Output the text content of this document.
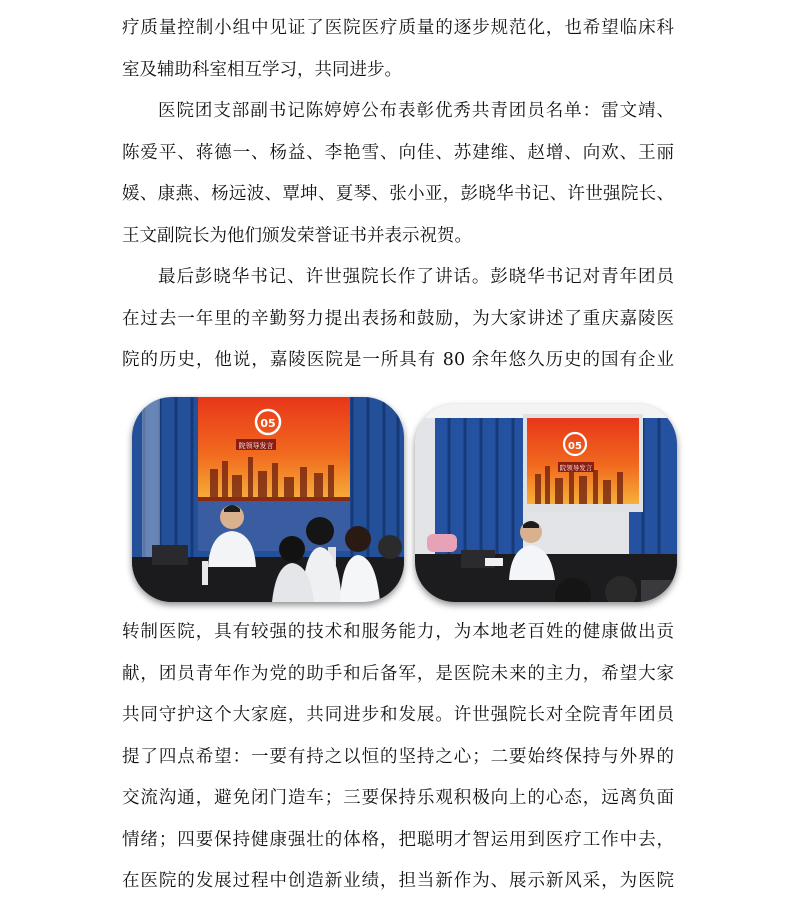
疗质量控制小组中见证了医院医疗质量的逐步规范化，也希望临床科
室及辅助科室相互学习，共同进步。
医院团支部副书记陈婷婷公布表彰优秀共青团员名单：雷文靖、
陈爱平、蒋德一、杨益、李艳雪、向佳、苏建维、赵增、向欢、王丽
媛、康燕、杨远波、覃坤、夏琴、张小亚，彭晓华书记、许世强院长、
王文副院长为他们颁发荣誉证书并表示祝贺。
最后彭晓华书记、许世强院长作了讲话。彭晓华书记对青年团员
在过去一年里的辛勤努力提出表扬和鼓励，为大家讲述了重庆嘉陵医
院的历史，他说，嘉陵医院是一所具有 80 余年悠久历史的国有企业
05
院领导发言	05
院领导发言
转制医院，具有较强的技术和服务能力，为本地老百姓的健康做出贡
献，团员青年作为党的助手和后备军，是医院未来的主力，希望大家
共同守护这个大家庭，共同进步和发展。许世强院长对全院青年团员
提了四点希望：一要有持之以恒的坚持之心；二要始终保持与外界的
交流沟通，避免闭门造车；三要保持乐观积极向上的心态，远离负面
情绪；四要保持健康强壮的体格，把聪明才智运用到医疗工作中去，
在医院的发展过程中创造新业绩，担当新作为、展示新风采，为医院
